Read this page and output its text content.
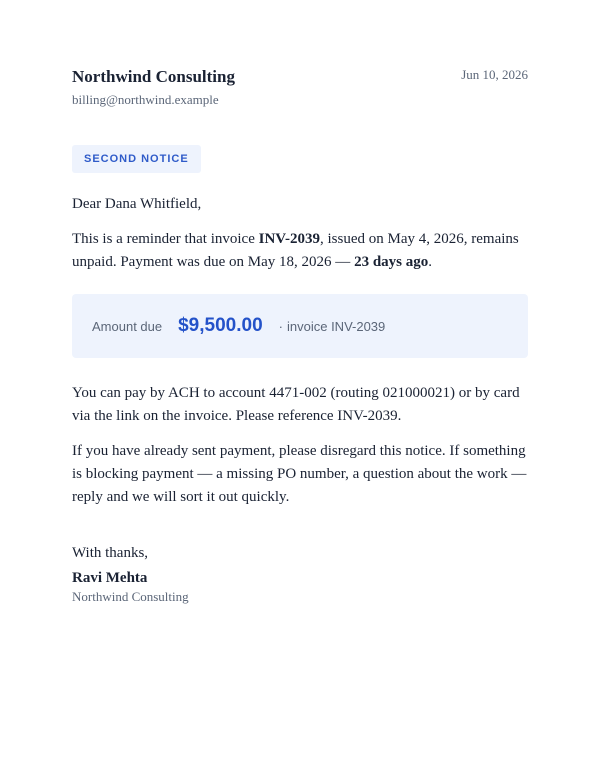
Northwind Consulting
billing@northwind.example
Jun 10, 2026
SECOND NOTICE
Dear Dana Whitfield,
This is a reminder that invoice INV-2039, issued on May 4, 2026, remains unpaid. Payment was due on May 18, 2026 — 23 days ago.
Amount due $9,500.00 · invoice INV-2039
You can pay by ACH to account 4471-002 (routing 021000021) or by card via the link on the invoice. Please reference INV-2039.
If you have already sent payment, please disregard this notice. If something is blocking payment — a missing PO number, a question about the work — reply and we will sort it out quickly.
With thanks,
Ravi Mehta
Northwind Consulting
